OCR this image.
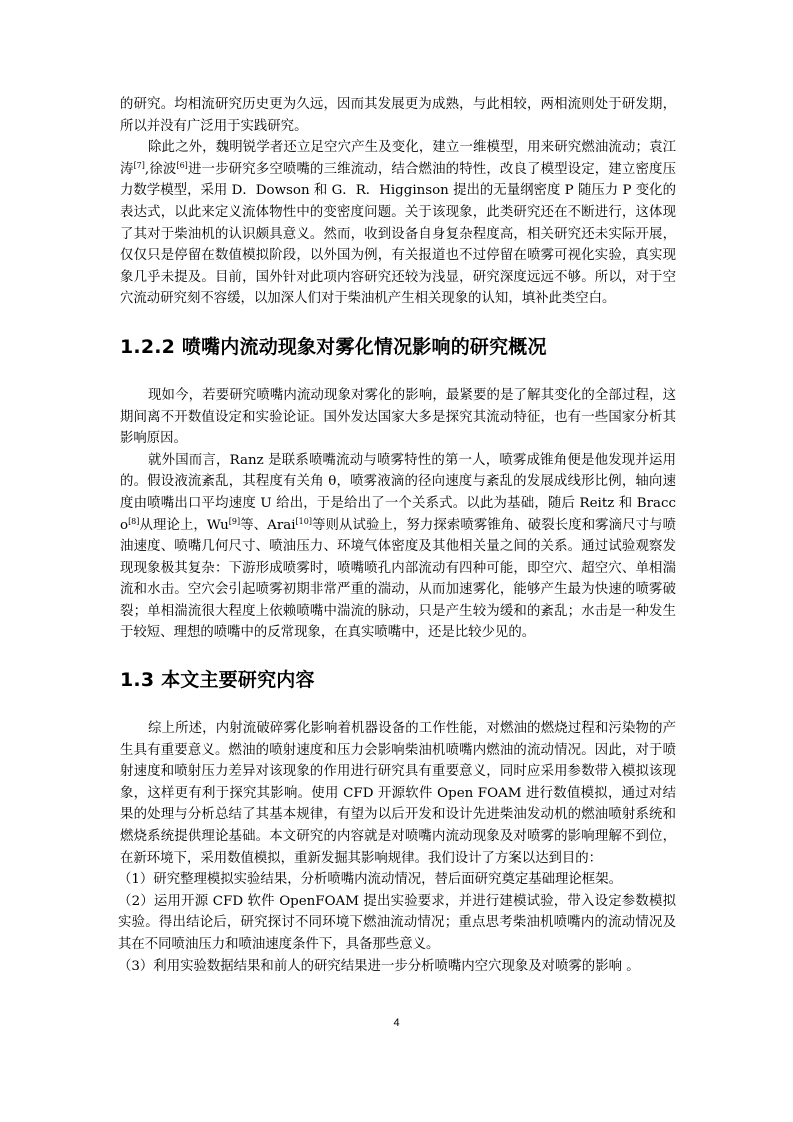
的研究。均相流研究历史更为久远，因而其发展更为成熟，与此相较，两相流则处于研发期，所以并没有广泛用于实践研究。

除此之外，魏明锐学者还立足空穴产生及变化，建立一维模型，用来研究燃油流动；袁江涛[7],徐波[6]进一步研究多空喷嘴的三维流动，结合燃油的特性，改良了模型设定，建立密度压力数学模型，采用 D．Dowson 和 G．R．Higginson 提出的无量纲密度 P 随压力 P 变化的表达式，以此来定义流体物性中的变密度问题。关于该现象，此类研究还在不断进行，这体现了其对于柴油机的认识颇具意义。然而，收到设备自身复杂程度高，相关研究还未实际开展，仅仅只是停留在数值模拟阶段，以外国为例，有关报道也不过停留在喷雾可视化实验，真实现象几乎未提及。目前，国外针对此项内容研究还较为浅显，研究深度远远不够。所以，对于空穴流动研究刻不容缓，以加深人们对于柴油机产生相关现象的认知，填补此类空白。

1.2.2 喷嘴内流动现象对雾化情况影响的研究概况

现如今，若要研究喷嘴内流动现象对雾化的影响，最紧要的是了解其变化的全部过程，这期间离不开数值设定和实验论证。国外发达国家大多是探究其流动特征，也有一些国家分析其影响原因。

就外国而言，Ranz 是联系喷嘴流动与喷雾特性的第一人，喷雾成锥角便是他发现并运用的。假设液流紊乱，其程度有关角 θ，喷雾液滴的径向速度与紊乱的发展成线形比例，轴向速度由喷嘴出口平均速度 U 给出，于是给出了一个关系式。以此为基础，随后 Reitz 和 Bracco[8]从理论上，Wu[9]等、Arai[10]等则从试验上，努力探索喷雾锥角、破裂长度和雾滴尺寸与喷油速度、喷嘴几何尺寸、喷油压力、环境气体密度及其他相关量之间的关系。通过试验观察发现现象极其复杂：下游形成喷雾时，喷嘴喷孔内部流动有四种可能，即空穴、超空穴、单相湍流和水击。空穴会引起喷雾初期非常严重的湍动，从而加速雾化，能够产生最为快速的喷雾破裂；单相湍流很大程度上依赖喷嘴中湍流的脉动，只是产生较为缓和的紊乱；水击是一种发生于较短、理想的喷嘴中的反常现象，在真实喷嘴中，还是比较少见的。

1.3 本文主要研究内容

综上所述，内射流破碎雾化影响着机器设备的工作性能，对燃油的燃烧过程和污染物的产生具有重要意义。燃油的喷射速度和压力会影响柴油机喷嘴内燃油的流动情况。因此，对于喷射速度和喷射压力差异对该现象的作用进行研究具有重要意义，同时应采用参数带入模拟该现象，这样更有利于探究其影响。使用 CFD 开源软件 Open FOAM 进行数值模拟，通过对结果的处理与分析总结了其基本规律，有望为以后开发和设计先进柴油发动机的燃油喷射系统和燃烧系统提供理论基础。本文研究的内容就是对喷嘴内流动现象及对喷雾的影响理解不到位，在新环境下，采用数值模拟，重新发掘其影响规律。我们设计了方案以达到目的：

（1）研究整理模拟实验结果，分析喷嘴内流动情况，替后面研究奠定基础理论框架。

（2）运用开源 CFD 软件 OpenFOAM 提出实验要求，并进行建模试验，带入设定参数模拟实验。得出结论后，研究探讨不同环境下燃油流动情况；重点思考柴油机喷嘴内的流动情况及其在不同喷油压力和喷油速度条件下，具备那些意义。

（3）利用实验数据结果和前人的研究结果进一步分析喷嘴内空穴现象及对喷雾的影响 。

4
